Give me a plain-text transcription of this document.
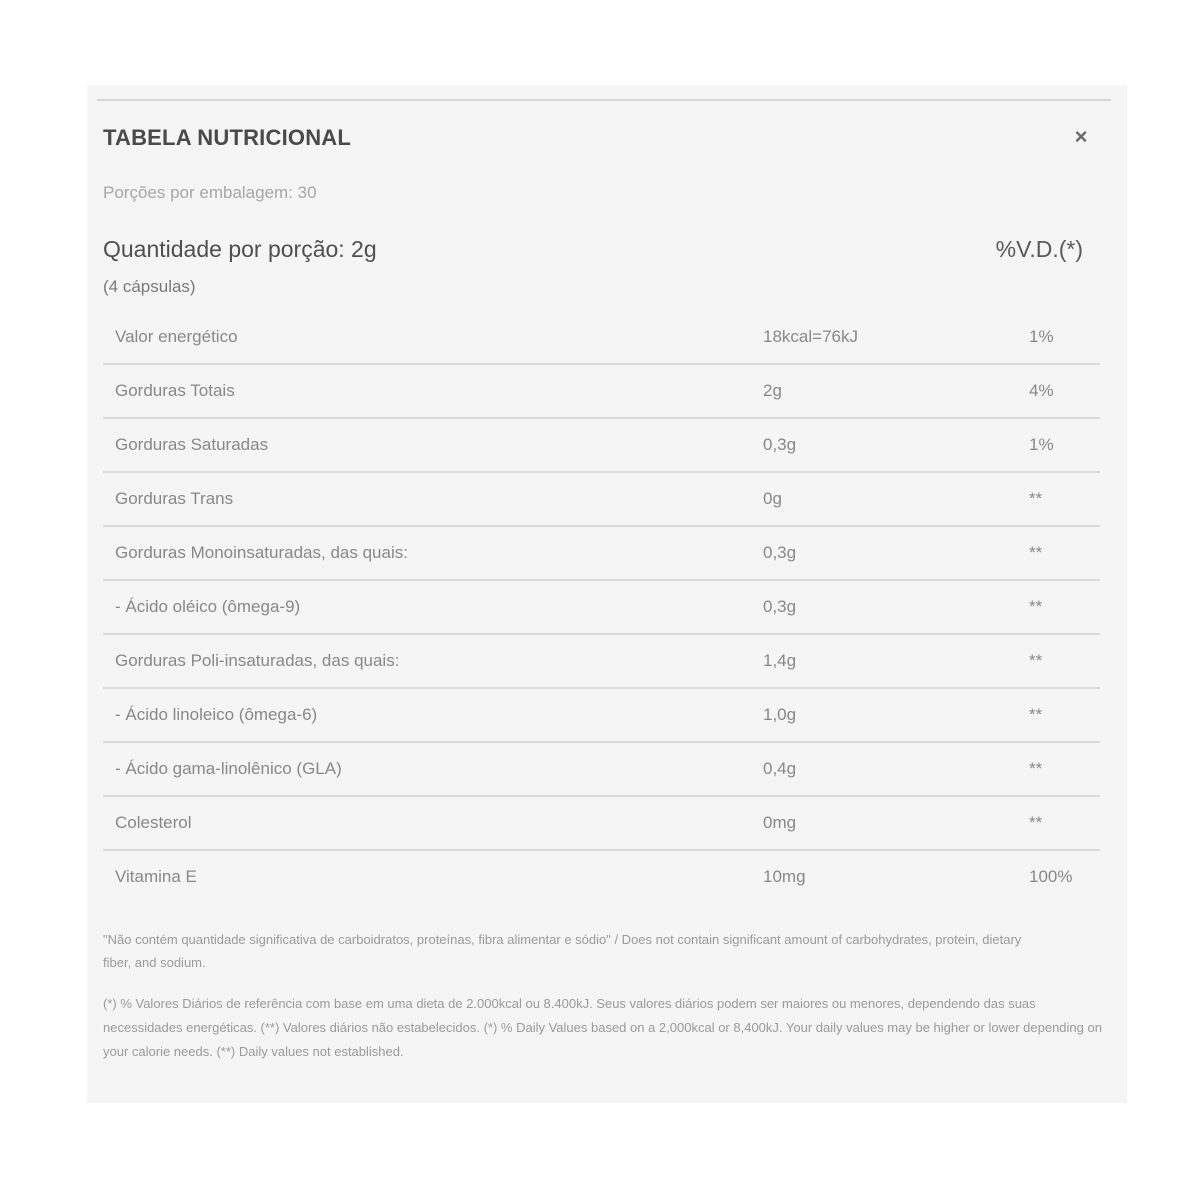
TABELA NUTRICIONAL	×
Porções por embalagem: 30
Quantidade por porção: 2g	%V.D.(*)
(4 cápsulas)
Valor energético	18kcal=76kJ	1%
Gorduras Totais	2g	4%
Gorduras Saturadas	0,3g	1%
Gorduras Trans	0g	**
Gorduras Monoinsaturadas, das quais:	0,3g	**
- Ácido oléico (ômega-9)	0,3g	**
Gorduras Poli-insaturadas, das quais:	1,4g	**
- Ácido linoleico (ômega-6)	1,0g	**
- Ácido gama-linolênico (GLA)	0,4g	**
Colesterol	0mg	**
Vitamina E	10mg	100%
"Não contém quantidade significativa de carboidratos, proteínas, fibra alimentar e sódio" / Does not contain significant amount of carbohydrates, protein, dietary fiber, and sodium.
(*) % Valores Diários de referência com base em uma dieta de 2.000kcal ou 8.400kJ. Seus valores diários podem ser maiores ou menores, dependendo das suas necessidades energéticas. (**) Valores diários não estabelecidos. (*) % Daily Values based on a 2,000kcal or 8,400kJ. Your daily values may be higher or lower depending on your calorie needs. (**) Daily values not established.
